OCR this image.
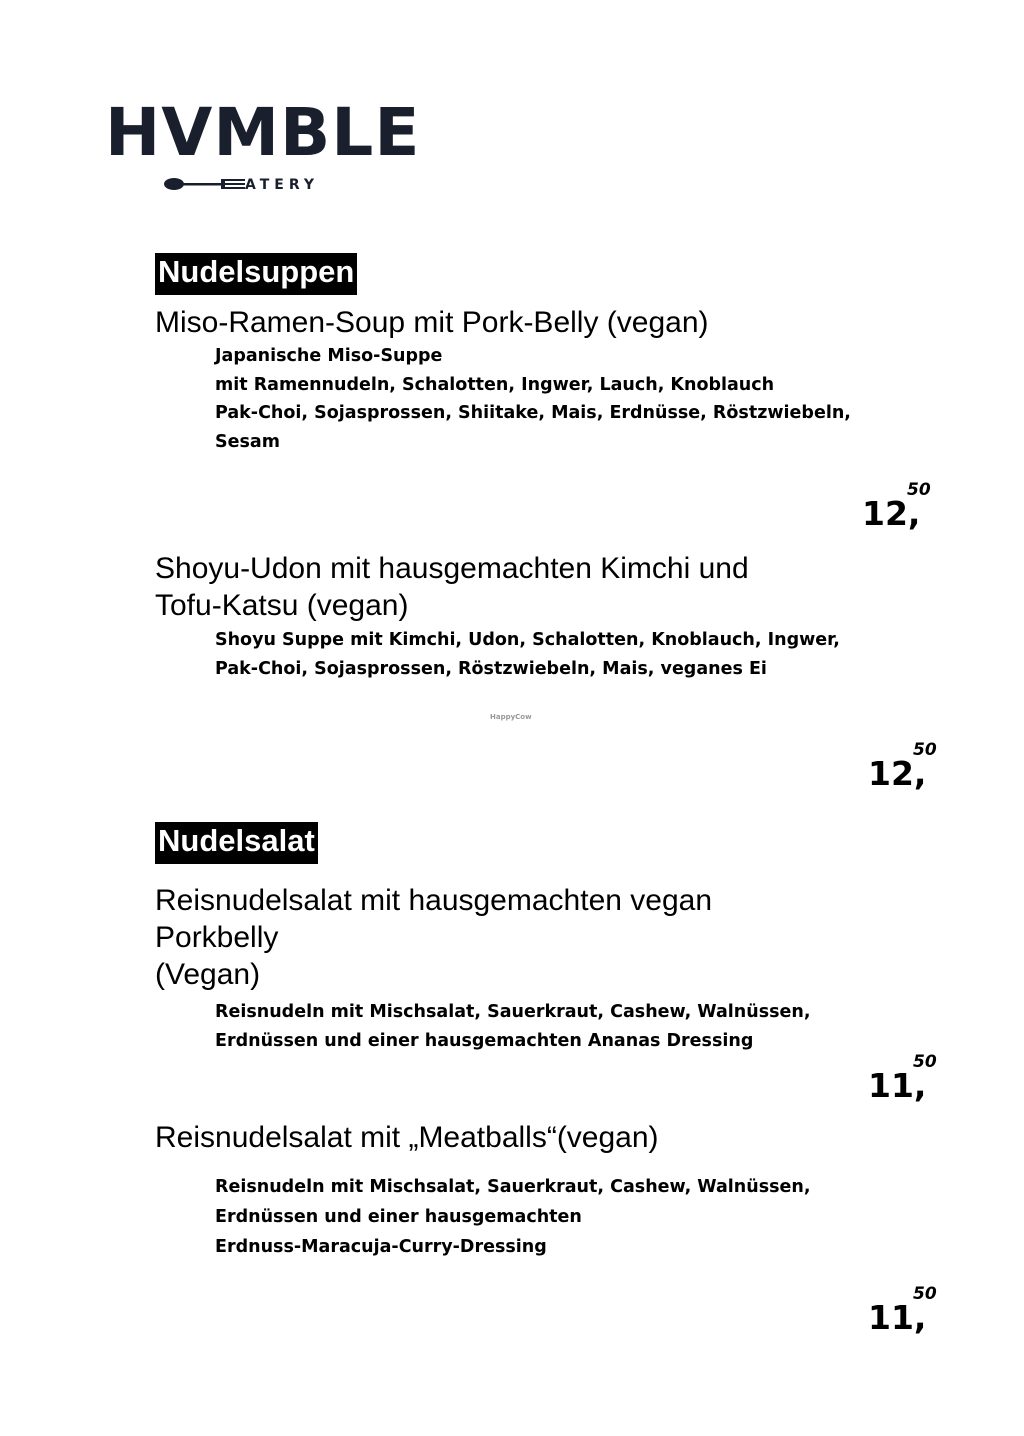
HVMBLE
ATERY
Nudelsuppen
Miso-Ramen-Soup mit Pork-Belly (vegan)
Japanische Miso-Suppe
mit Ramennudeln, Schalotten, Ingwer, Lauch, Knoblauch
Pak-Choi, Sojasprossen, Shiitake, Mais, Erdnüsse, Röstzwiebeln,
Sesam
12,
50
Shoyu-Udon mit hausgemachten Kimchi und
Tofu-Katsu (vegan)
Shoyu Suppe mit Kimchi, Udon, Schalotten, Knoblauch, Ingwer,
Pak-Choi, Sojasprossen, Röstzwiebeln, Mais, veganes Ei
HappyCow
12,
50
Nudelsalat
Reisnudelsalat mit hausgemachten vegan
Porkbelly
(Vegan)
Reisnudeln mit Mischsalat, Sauerkraut, Cashew, Walnüssen,
Erdnüssen und einer hausgemachten Ananas Dressing
11,
50
Reisnudelsalat mit „Meatballs“(vegan)
Reisnudeln mit Mischsalat, Sauerkraut, Cashew, Walnüssen,
Erdnüssen und einer hausgemachten
Erdnuss-Maracuja-Curry-Dressing
11,
50
